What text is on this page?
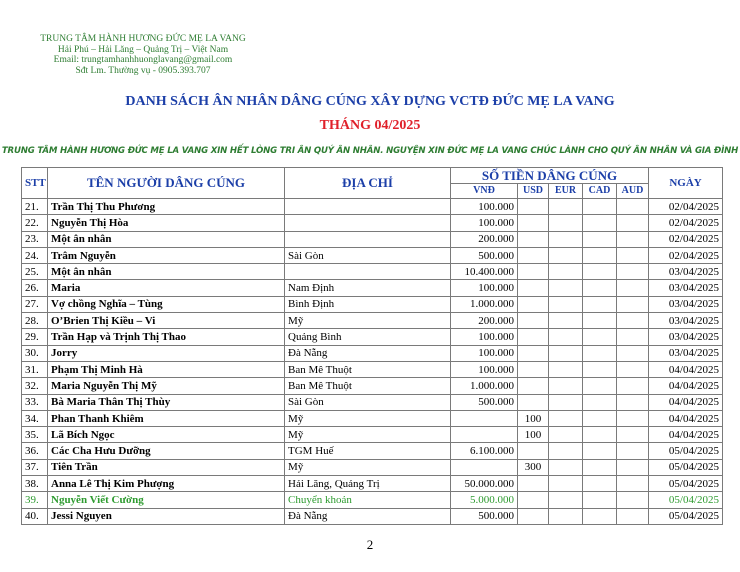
TRUNG TÂM HÀNH HƯƠNG ĐỨC MẸ LA VANG
Hải Phú – Hải Lăng – Quảng Trị – Việt Nam
Email: trungtamhanhhuonglavang@gmail.com
Sđt Lm. Thường vụ - 0905.393.707
DANH SÁCH ÂN NHÂN DÂNG CÚNG XÂY DỰNG VCTĐ ĐỨC MẸ LA VANG
THÁNG 04/2025
TRUNG TÂM HÀNH HƯƠNG ĐỨC MẸ LA VANG XIN HẾT LÒNG TRI ÂN QUÝ ÂN NHÂN. NGUYỆN XIN ĐỨC MẸ LA VANG CHÚC LÀNH CHO QUÝ ÂN NHÂN VÀ GIA ĐÌNH
STT	TÊN NGƯỜI DÂNG CÚNG	ĐỊA CHỈ	SỐ TIỀN DÂNG CÚNG					NGÀY
			VNĐ	USD	EUR	CAD	AUD	
21.	Trần Thị Thu Phương		100.000					02/04/2025
22.	Nguyễn Thị Hòa		100.000					02/04/2025
23.	Một ân nhân		200.000					02/04/2025
24.	Trâm Nguyễn	Sài Gòn	500.000					02/04/2025
25.	Một ân nhân		10.400.000					03/04/2025
26.	Maria	Nam Định	100.000					03/04/2025
27.	Vợ chồng Nghĩa – Tùng	Bình Định	1.000.000					03/04/2025
28.	O’Brien Thị Kiều – Vi	Mỹ	200.000					03/04/2025
29.	Trần Hạp và Trịnh Thị Thao	Quảng Bình	100.000					03/04/2025
30.	Jorry	Đà Nẵng	100.000					03/04/2025
31.	Phạm Thị Minh Hà	Ban Mê Thuột	100.000					04/04/2025
32.	Maria Nguyễn Thị Mỹ	Ban Mê Thuột	1.000.000					04/04/2025
33.	Bà Maria Thân Thị Thùy	Sài Gòn	500.000					04/04/2025
34.	Phan Thanh Khiêm	Mỹ		100				04/04/2025
35.	Lã Bích Ngọc	Mỹ		100				04/04/2025
36.	Các Cha Hưu Dưỡng	TGM Huế	6.100.000					05/04/2025
37.	Tiên Trần	Mỹ		300				05/04/2025
38.	Anna Lê Thị Kim Phượng	Hải Lăng, Quảng Trị	50.000.000					05/04/2025
39.	Nguyễn Viết Cường	Chuyển khoản	5.000.000					05/04/2025
40.	Jessi Nguyen	Đà Nẵng	500.000					05/04/2025
2
